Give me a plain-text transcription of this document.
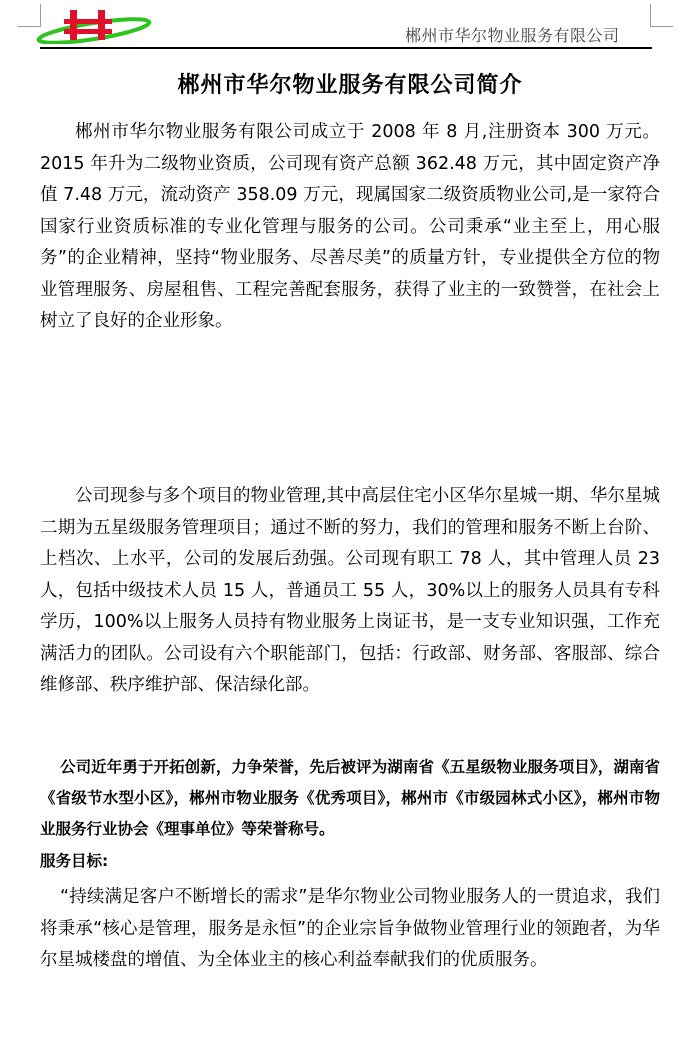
郴州市华尔物业服务有限公司
郴州市华尔物业服务有限公司简介

郴州市华尔物业服务有限公司成立于 2008 年 8 月,注册资本 300 万元。2015 年升为二级物业资质，公司现有资产总额 362.48 万元，其中固定资产净值 7.48 万元，流动资产 358.09 万元，现属国家二级资质物业公司,是一家符合国家行业资质标准的专业化管理与服务的公司。公司秉承“业主至上，用心服务”的企业精神，坚持“物业服务、尽善尽美”的质量方针，专业提供全方位的物业管理服务、房屋租售、工程完善配套服务，获得了业主的一致赞誉，在社会上树立了良好的企业形象。

公司现参与多个项目的物业管理,其中高层住宅小区华尔星城一期、华尔星城二期为五星级服务管理项目；通过不断的努力，我们的管理和服务不断上台阶、上档次、上水平，公司的发展后劲强。公司现有职工 78 人，其中管理人员 23 人，包括中级技术人员 15 人，普通员工 55 人，30%以上的服务人员具有专科学历，100%以上服务人员持有物业服务上岗证书，是一支专业知识强，工作充满活力的团队。公司设有六个职能部门，包括：行政部、财务部、客服部、综合维修部、秩序维护部、保洁绿化部。

公司近年勇于开拓创新，力争荣誉，先后被评为湖南省《五星级物业服务项目》，湖南省《省级节水型小区》，郴州市物业服务《优秀项目》，郴州市《市级园林式小区》，郴州市物业服务行业协会《理事单位》等荣誉称号。

服务目标:

“持续满足客户不断增长的需求”是华尔物业公司物业服务人的一贯追求，我们将秉承“核心是管理，服务是永恒”的企业宗旨争做物业管理行业的领跑者，为华尔星城楼盘的增值、为全体业主的核心利益奉献我们的优质服务。
